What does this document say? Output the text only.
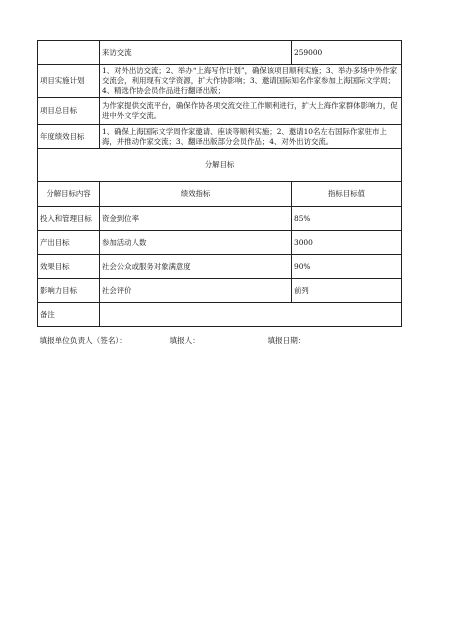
	来访交流	259000
项目实施计划	1、对外出访交流；2、举办“上海写作计划”，确保该项目顺利实施；3、举办多场中外作家交流会，利用现有文学资源，扩大作协影响；3、邀请国际知名作家参加上海国际文学周；4、精选作协会员作品进行翻译出版；	
项目总目标	为作家提供交流平台，确保作协各项交流交往工作顺利进行，扩大上海作家群体影响力，促进中外文学交流。	
年度绩效目标	1、确保上海国际文学周作家邀请、座谈等顺利实施；2、邀请10名左右国际作家驻市上海，并推动作家交流；3、翻译出版部分会员作品；4、对外出访交流。	
分解目标		
分解目标内容	绩效指标	指标目标值
投入和管理目标	资金到位率	85%
产出目标	参加活动人数	3000
效果目标	社会公众或服务对象满意度	90%
影响力目标	社会评价	前列
备注		

填报单位负责人（签名）： 填报人： 填报日期：		
